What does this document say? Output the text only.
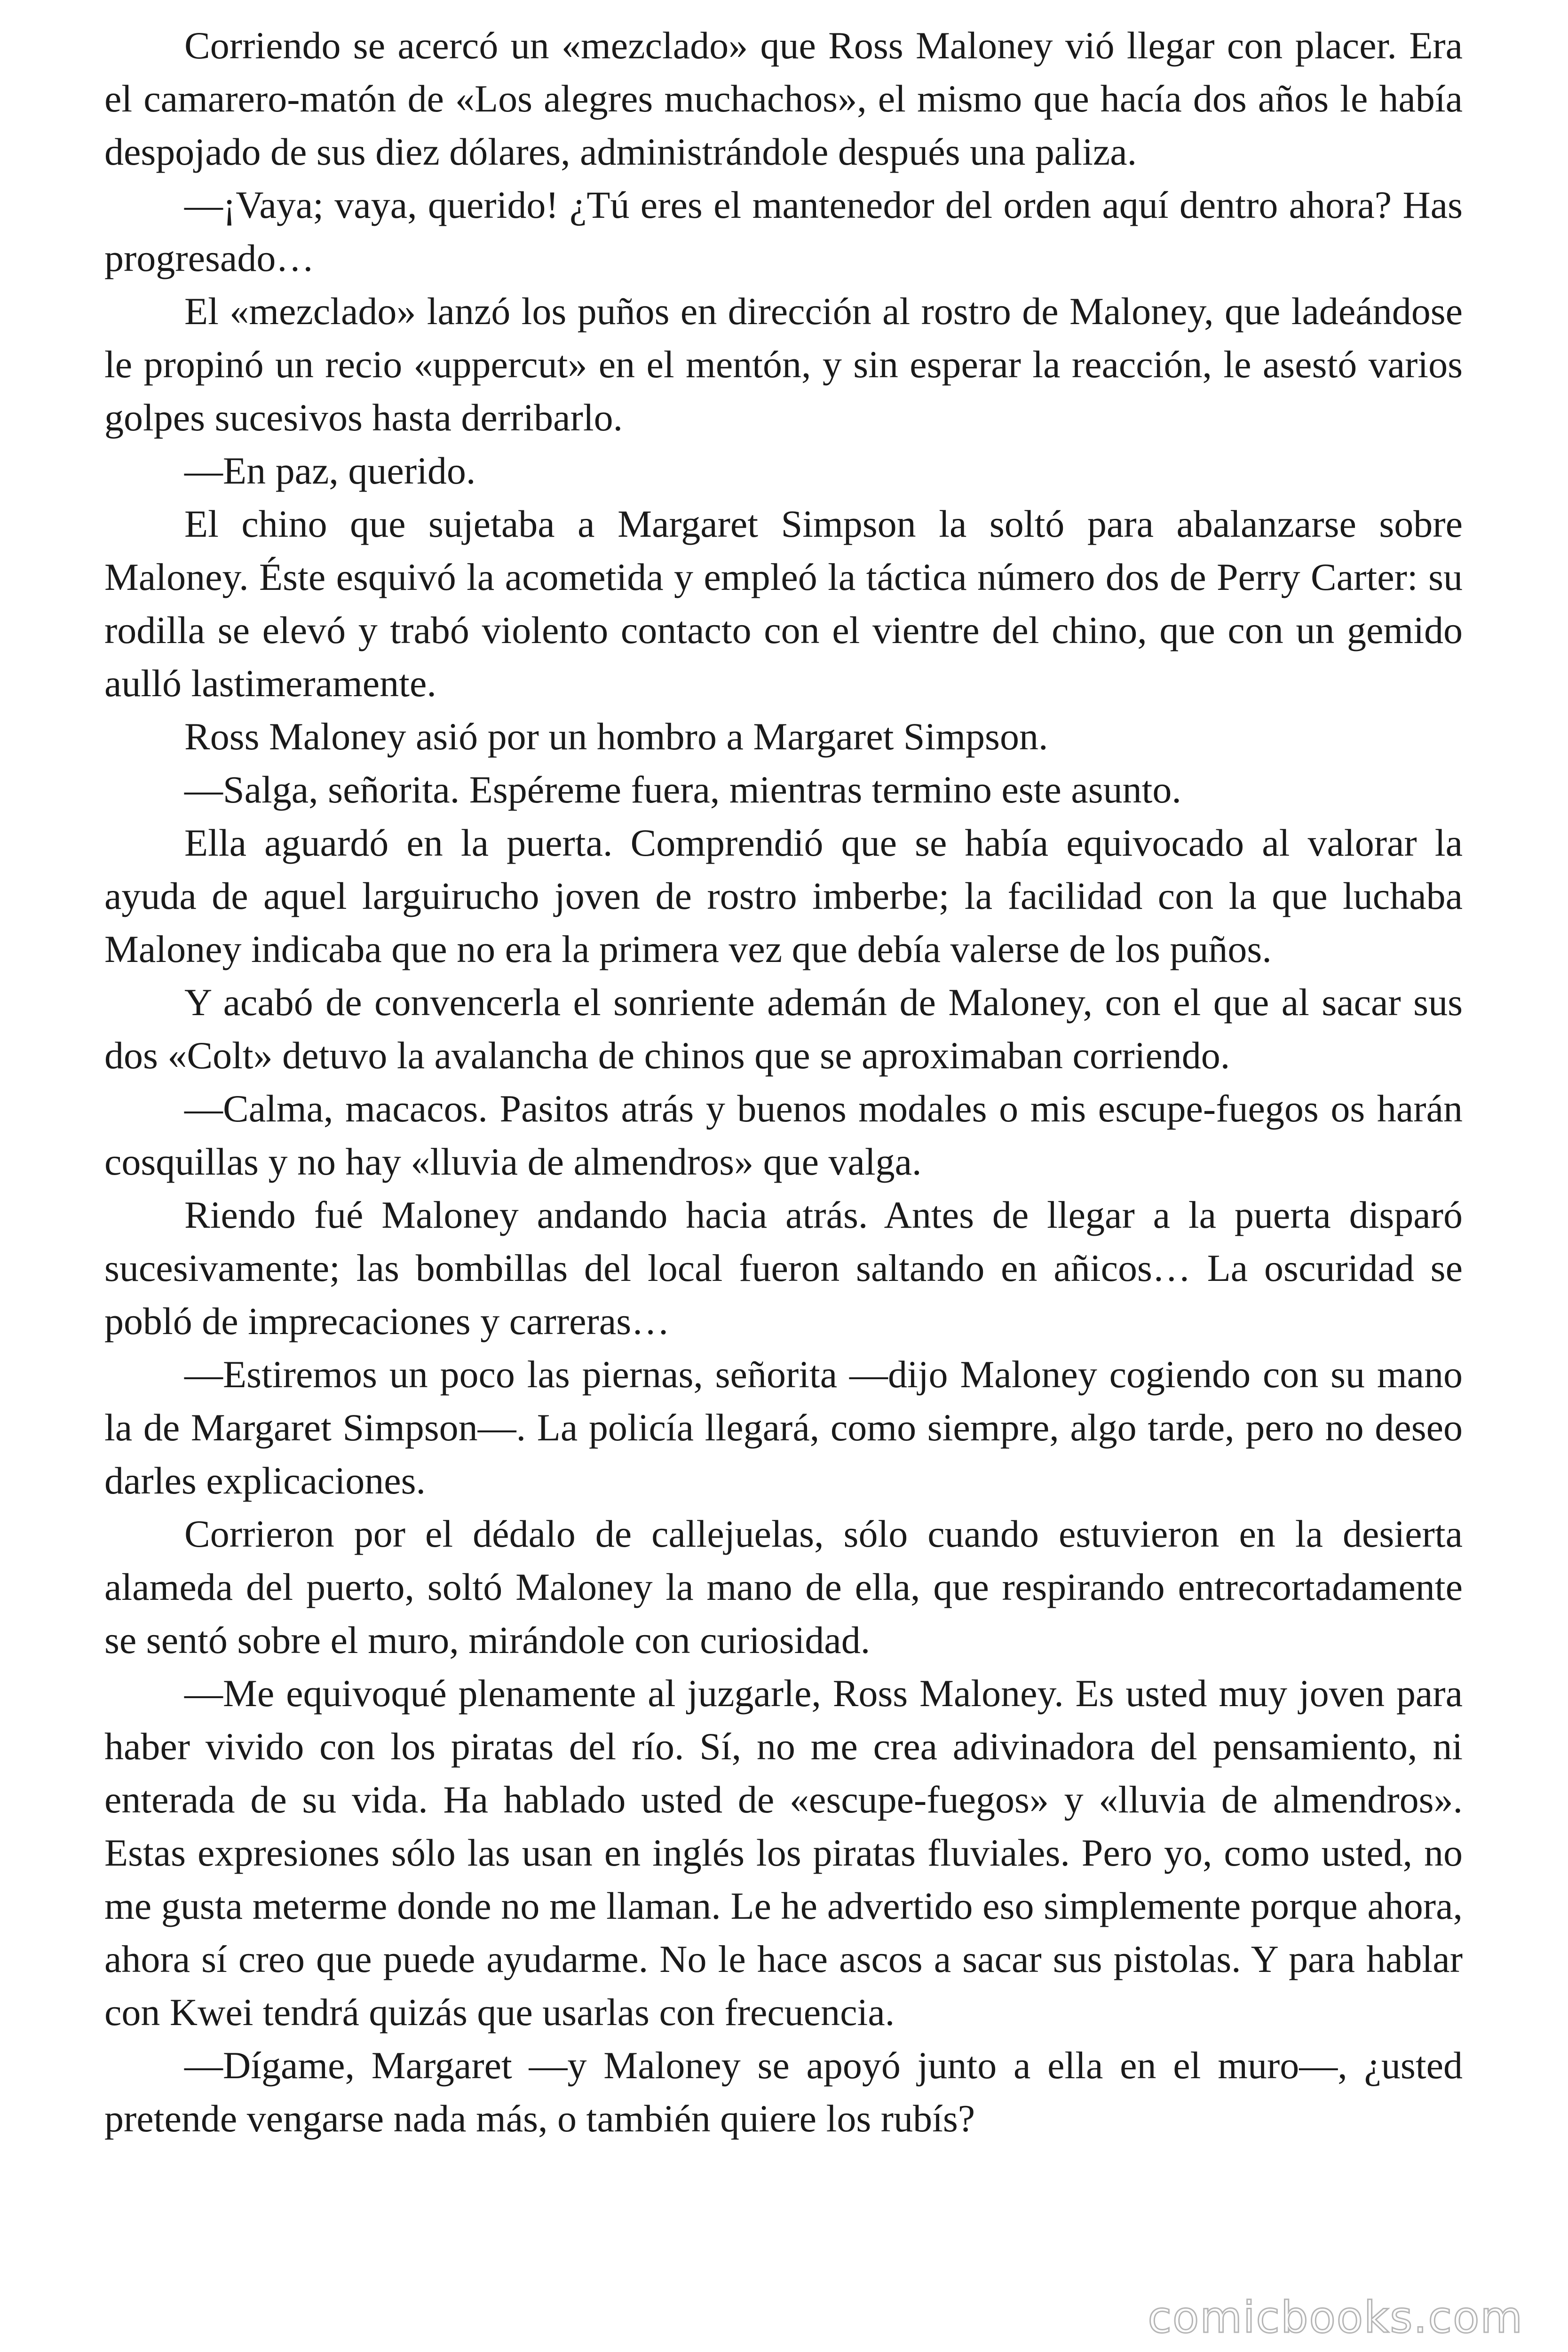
Corriendo se acercó un «mezclado» que Ross Maloney vió llegar con placer. Era el camarero-matón de «Los alegres muchachos», el mismo que hacía dos años le había despojado de sus diez dólares, administrándole después una paliza.

—¡Vaya; vaya, querido! ¿Tú eres el mantenedor del orden aquí dentro ahora? Has progresado…

El «mezclado» lanzó los puños en dirección al rostro de Maloney, que ladeándose le propinó un recio «uppercut» en el mentón, y sin esperar la reacción, le asestó varios golpes sucesivos hasta derribarlo.

—En paz, querido.

El chino que sujetaba a Margaret Simpson la soltó para abalanzarse sobre Maloney. Éste esquivó la acometida y empleó la táctica número dos de Perry Carter: su rodilla se elevó y trabó violento contacto con el vientre del chino, que con un gemido aulló lastimeramente.

Ross Maloney asió por un hombro a Margaret Simpson.

—Salga, señorita. Espéreme fuera, mientras termino este asunto.

Ella aguardó en la puerta. Comprendió que se había equivocado al valorar la ayuda de aquel larguirucho joven de rostro imberbe; la facilidad con la que luchaba Maloney indicaba que no era la primera vez que debía valerse de los puños.

Y acabó de convencerla el sonriente ademán de Maloney, con el que al sacar sus dos «Colt» detuvo la avalancha de chinos que se aproximaban corriendo.

—Calma, macacos. Pasitos atrás y buenos modales o mis escupe-fuegos os harán cosquillas y no hay «lluvia de almendros» que valga.

Riendo fué Maloney andando hacia atrás. Antes de llegar a la puerta disparó sucesivamente; las bombillas del local fueron saltando en añicos… La oscuridad se pobló de imprecaciones y carreras…

—Estiremos un poco las piernas, señorita —dijo Maloney cogiendo con su mano la de Margaret Simpson—. La policía llegará, como siempre, algo tarde, pero no deseo darles explicaciones.

Corrieron por el dédalo de callejuelas, sólo cuando estuvieron en la desierta alameda del puerto, soltó Maloney la mano de ella, que respirando entrecortadamente se sentó sobre el muro, mirándole con curiosidad.

—Me equivoqué plenamente al juzgarle, Ross Maloney. Es usted muy joven para haber vivido con los piratas del río. Sí, no me crea adivinadora del pensamiento, ni enterada de su vida. Ha hablado usted de «escupe-fuegos» y «lluvia de almendros». Estas expresiones sólo las usan en inglés los piratas fluviales. Pero yo, como usted, no me gusta meterme donde no me llaman. Le he advertido eso simplemente porque ahora, ahora sí creo que puede ayudarme. No le hace ascos a sacar sus pistolas. Y para hablar con Kwei tendrá quizás que usarlas con frecuencia.

—Dígame, Margaret —y Maloney se apoyó junto a ella en el muro—, ¿usted pretende vengarse nada más, o también quiere los rubís?

comicbooks.com
